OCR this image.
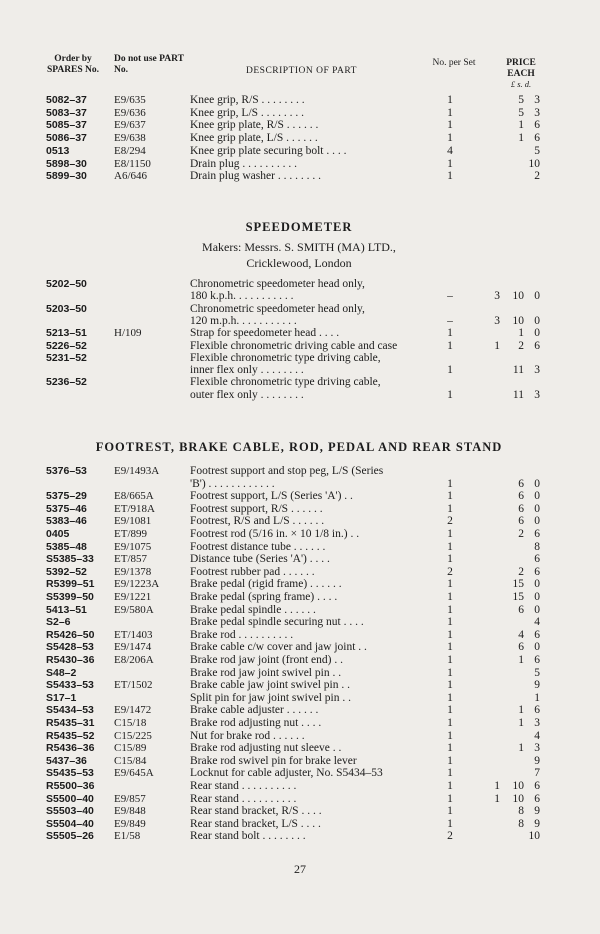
Order by SPARES No.
Do not use PART No.	DESCRIPTION OF PART
No. per Set	PRICE EACH
£ s. d.
5082–37 E9/635	Knee grip, R/S . . . . . . . .	1	5 3
5083–37 E9/636	Knee grip, L/S . . . . . . . .	1	5 3
5085–37 E9/637	Knee grip plate, R/S . . . . . .	1	1 6
5086–37 E9/638	Knee grip plate, L/S . . . . . .	1	1 6
0513	E8/294	Knee grip plate securing bolt . . . .	4	5
5898–30 E8/1150	Drain plug . . . . . . . . . .	1	10
5899–30 A6/646	Drain plug washer . . . . . . . .	1	2
SPEEDOMETER
Makers: Messrs. S. SMITH (MA) LTD.,
Cricklewood, London
5202–50	Chronometric speedometer head only,
180 k.p.h. . . . . . . . . . .	–	3	10 0
5203–50	Chronometric speedometer head only,
120 m.p.h. . . . . . . . . . .	–	3	10 0
5213–51 H/109	Strap for speedometer head . . . .	1	1 0
5226–52	Flexible chronometric driving cable and case	1	1	2 6
5231–52	Flexible chronometric type driving cable,
inner flex only . . . . . . . .	1	11 3
5236–52	Flexible chronometric type driving cable,
outer flex only . . . . . . . .	1	11 3
FOOTREST, BRAKE CABLE, ROD, PEDAL AND REAR STAND
5376–53 E9/1493A	Footrest support and stop peg, L/S (Series
'B') . . . . . . . . . . . .	1	6 0
5375–29 E8/665A	Footrest support, L/S (Series 'A') . .	1	6 0
5375–46 ET/918A	Footrest support, R/S . . . . . .	1	6 0
5383–46 E9/1081	Footrest, R/S and L/S . . . . . .	2	6 0
0405	ET/899	Footrest rod (5/16 in. × 10 1/8 in.) . .	1	2 6
5385–48 E9/1075	Footrest distance tube . . . . . .	1	8
S5385–33 ET/857	Distance tube (Series 'A') . . . .	1	6
5392–52 E9/1378	Footrest rubber pad . . . . . .	2	2 6
R5399–51 E9/1223A	Brake pedal (rigid frame) . . . . . .	1	15 0
S5399–50 E9/1221	Brake pedal (spring frame) . . . .	1	15 0
5413–51 E9/580A	Brake pedal spindle . . . . . .	1	6 0
S2–6	Brake pedal spindle securing nut . . . .	1	4
R5426–50 ET/1403	Brake rod . . . . . . . . . .	1	4 6
S5428–53 E9/1474	Brake cable c/w cover and jaw joint . .	1	6 0
R5430–36 E8/206A	Brake rod jaw joint (front end) . .	1	1 6
S48–2	Brake rod jaw joint swivel pin . .	1	5
S5433–53 ET/1502	Brake cable jaw joint swivel pin . .	1	9
S17–1	Split pin for jaw joint swivel pin . .	1	1
S5434–53 E9/1472	Brake cable adjuster . . . . . .	1	1 6
R5435–31 C15/18	Brake rod adjusting nut . . . .	1	1 3
R5435–52 C15/225	Nut for brake rod . . . . . .	1	4
R5436–36 C15/89	Brake rod adjusting nut sleeve . .	1	1 3
5437–36 C15/84	Brake rod swivel pin for brake lever	1	9
S5435–53 E9/645A	Locknut for cable adjuster, No. S5434–53	1	7
R5500–36	Rear stand . . . . . . . . . .	1	1	10 6
S5500–40 E9/857	Rear stand . . . . . . . . . .	1	1	10 6
S5503–40 E9/848	Rear stand bracket, R/S . . . .	1	8 9
S5504–40 E9/849	Rear stand bracket, L/S . . . .	1	8 9
S5505–26 E1/58	Rear stand bolt . . . . . . . .	2	10
27
